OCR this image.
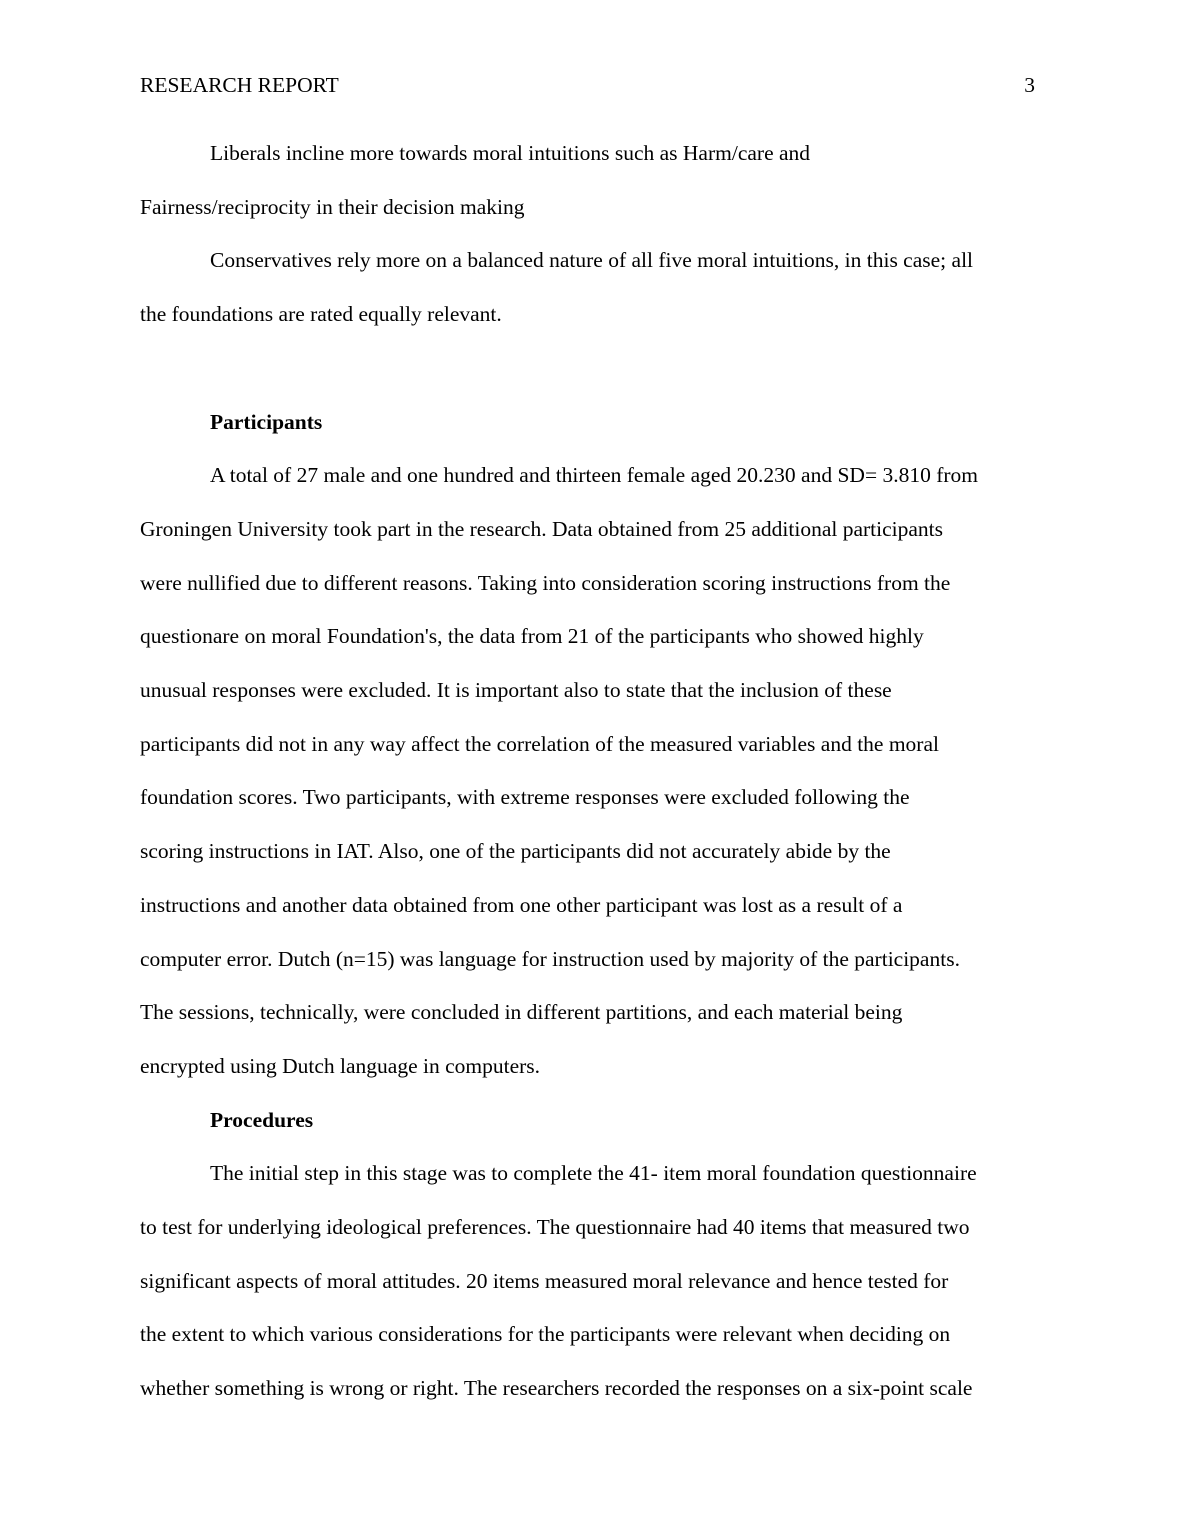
RESEARCH REPORT	3

Liberals incline more towards moral intuitions such as Harm/care and
Fairness/reciprocity in their decision making

Conservatives rely more on a balanced nature of all five moral intuitions, in this case; all
the foundations are rated equally relevant.

Participants

A total of 27 male and one hundred and thirteen female aged 20.230 and SD= 3.810 from
Groningen University took part in the research. Data obtained from 25 additional participants
were nullified due to different reasons. Taking into consideration scoring instructions from the
questionare on moral Foundation's, the data from 21 of the participants who showed highly
unusual responses were excluded. It is important also to state that the inclusion of these
participants did not in any way affect the correlation of the measured variables and the moral
foundation scores. Two participants, with extreme responses were excluded following the
scoring instructions in IAT. Also, one of the participants did not accurately abide by the
instructions and another data obtained from one other participant was lost as a result of a
computer error. Dutch (n=15) was language for instruction used by majority of the participants.
The sessions, technically, were concluded in different partitions, and each material being
encrypted using Dutch language in computers.

Procedures

The initial step in this stage was to complete the 41- item moral foundation questionnaire
to test for underlying ideological preferences. The questionnaire had 40 items that measured two
significant aspects of moral attitudes. 20 items measured moral relevance and hence tested for
the extent to which various considerations for the participants were relevant when deciding on
whether something is wrong or right. The researchers recorded the responses on a six-point scale
